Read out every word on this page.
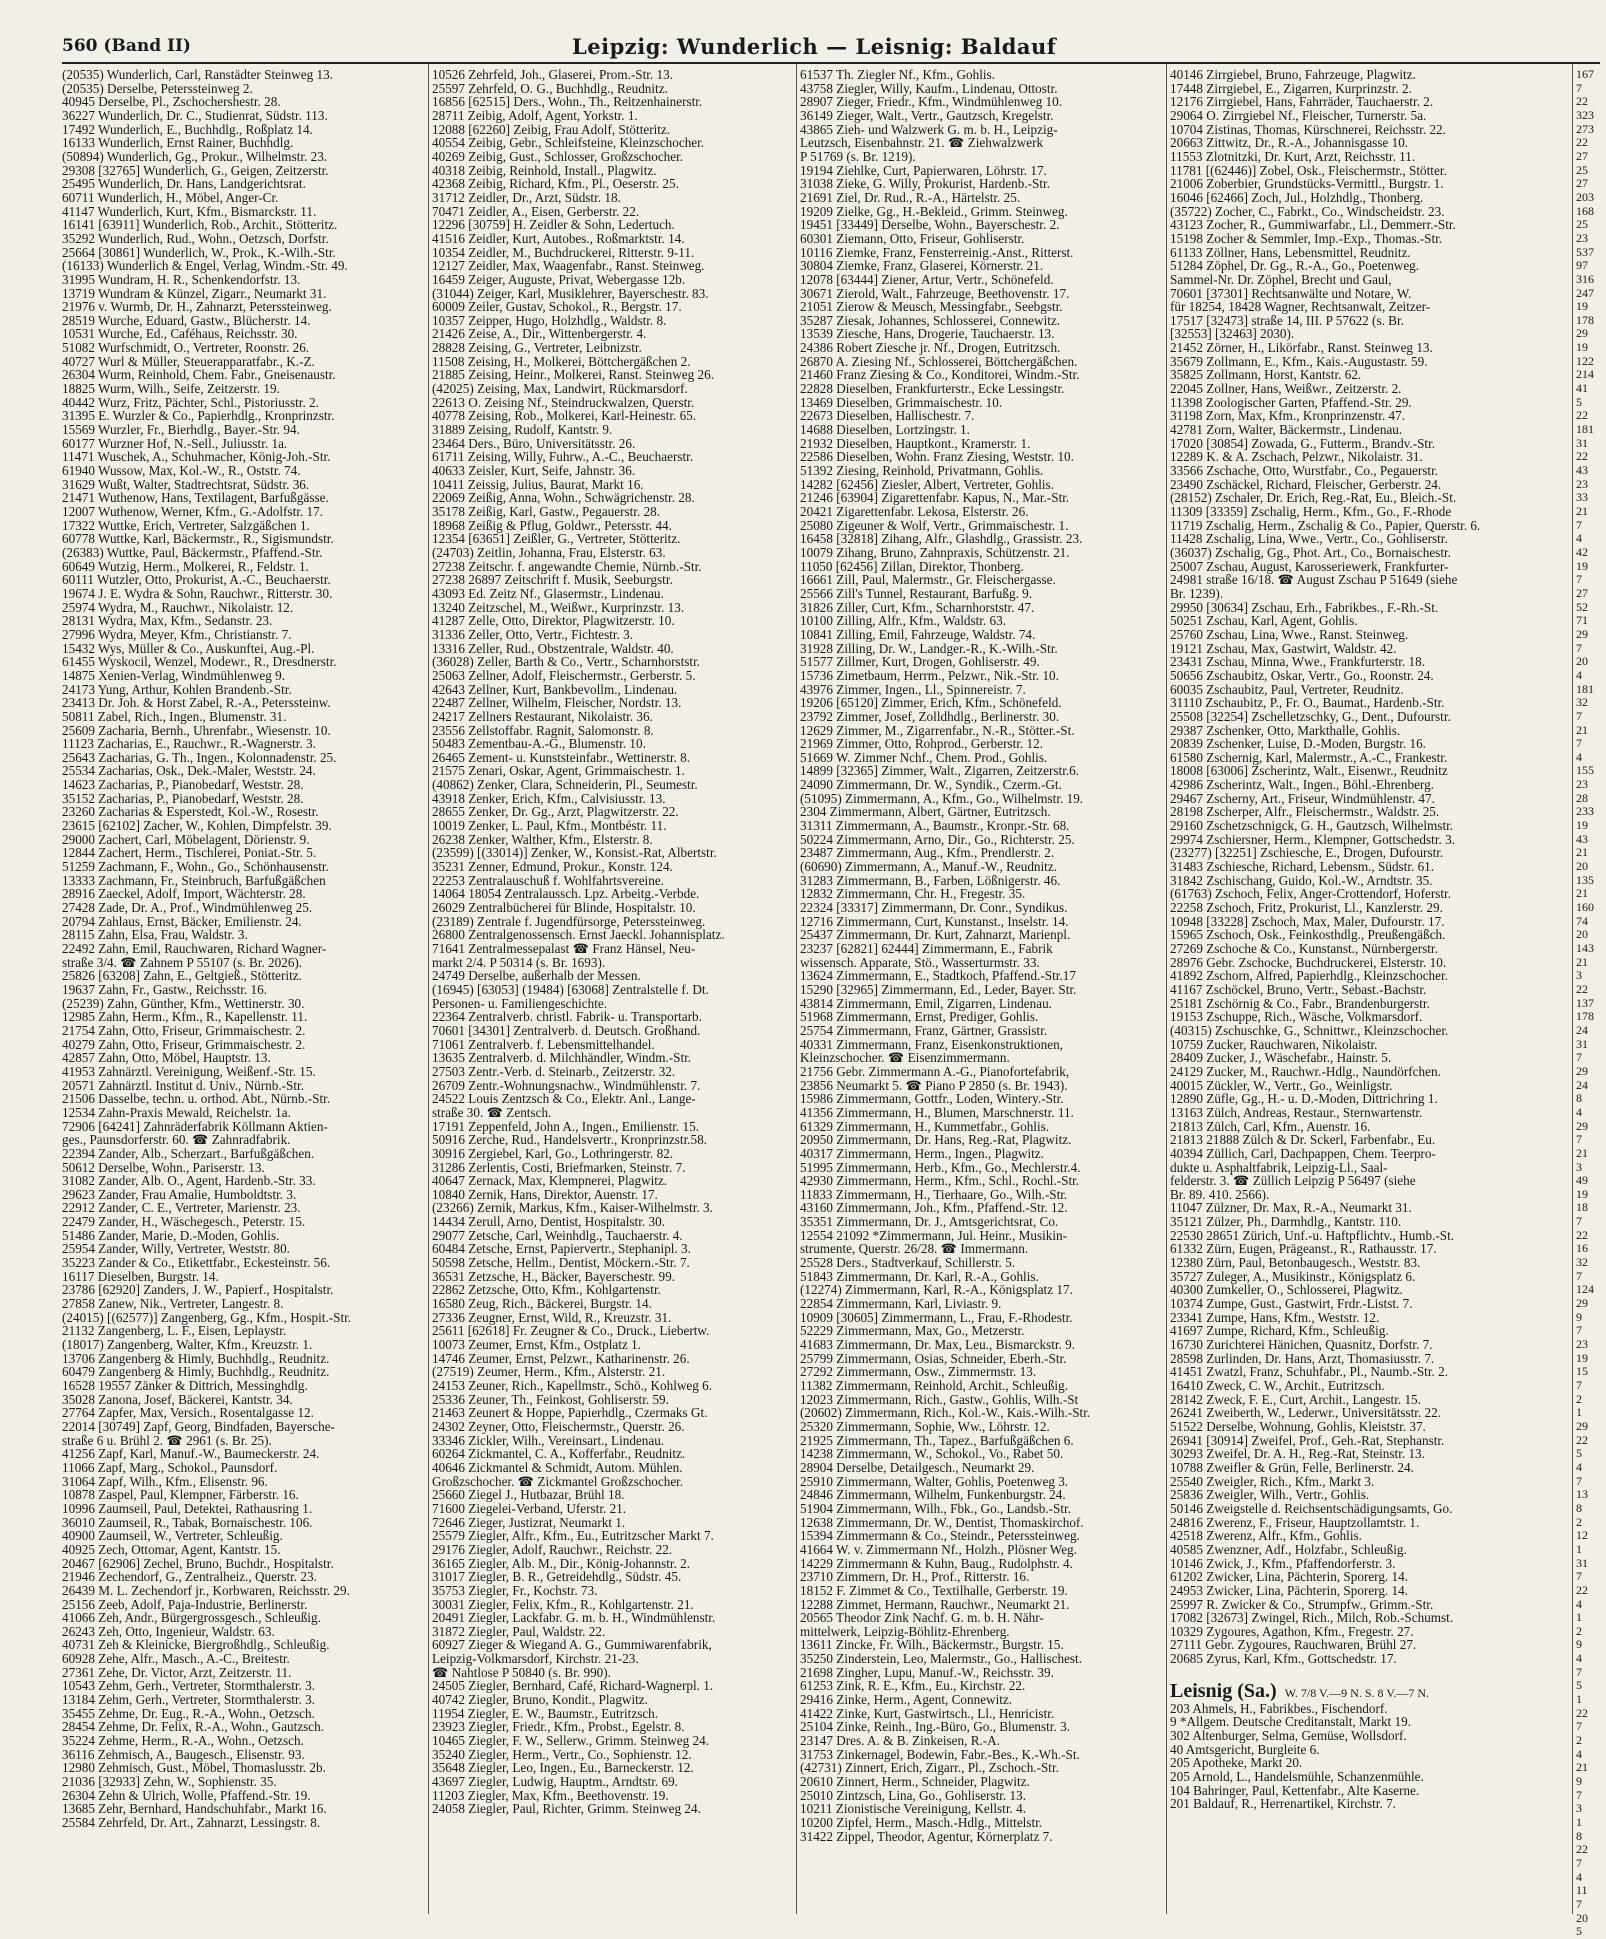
560 (Band II)	Leipzig: Wunderlich — Leisnig: Baldauf
(20535) Wunderlich, Carl, Ranstädter Steinweg 13.
(20535) Derselbe, Peterssteinweg 2.
40945 Derselbe, Pl., Zschochershestr. 28.
36227 Wunderlich, Dr. C., Studienrat, Südstr. 113.
17492 Wunderlich, E., Buchhdlg., Roßplatz 14.
16133 Wunderlich, Ernst Rainer, Buchhdlg.
(50894) Wunderlich, Gg., Prokur., Wilhelmstr. 23.
29308 [32765] Wunderlich, G., Geigen, Zeitzerstr.
25495 Wunderlich, Dr. Hans, Landgerichtsrat.
60711 Wunderlich, H., Möbel, Anger-Cr.
41147 Wunderlich, Kurt, Kfm., Bismarckstr. 11.
16141 [63911] Wunderlich, Rob., Archit., Stötteritz.
35292 Wunderlich, Rud., Wohn., Oetzsch, Dorfstr.
25664 [30861] Wunderlich, W., Prok., K.-Wilh.-Str.
(16133) Wunderlich & Engel, Verlag, Windm.-Str. 49.
31995 Wundram, H. R., Schenkendorfstr. 13.
13719 Wundram & Künzel, Zigarr., Neumarkt 31.
21976 v. Wurmb, Dr. H., Zahnarzt, Peterssteinweg.
28519 Wurche, Eduard, Gastw., Blücherstr. 14.
10531 Wurche, Ed., Caféhaus, Reichsstr. 30.
51082 Wurfschmidt, O., Vertreter, Roonstr. 26.
40727 Wurl & Müller, Steuerapparatfabr., K.-Z.
26304 Wurm, Reinhold, Chem. Fabr., Gneisenaustr.
18825 Wurm, Wilh., Seife, Zeitzerstr. 19.
40442 Wurz, Fritz, Pächter, Schl., Pistoriusstr. 2.
31395 E. Wurzler & Co., Papierhdlg., Kronprinzstr.
15569 Wurzler, Fr., Bierhdlg., Bayer.-Str. 94.
60177 Wurzner Hof, N.-Sell., Juliusstr. 1a.
11471 Wuschek, A., Schuhmacher, König-Joh.-Str.
61940 Wussow, Max, Kol.-W., R., Oststr. 74.
31629 Wußt, Walter, Stadtrechtsrat, Südstr. 36.
21471 Wuthenow, Hans, Textilagent, Barfußgässe.
12007 Wuthenow, Werner, Kfm., G.-Adolfstr. 17.
17322 Wuttke, Erich, Vertreter, Salzgäßchen 1.
60778 Wuttke, Karl, Bäckermstr., R., Sigismundstr.
(26383) Wuttke, Paul, Bäckermstr., Pfaffend.-Str.
60649 Wutzig, Herm., Molkerei, R., Feldstr. 1.
60111 Wutzler, Otto, Prokurist, A.-C., Beuchaerstr.
19674 J. E. Wydra & Sohn, Rauchwr., Ritterstr. 30.
25974 Wydra, M., Rauchwr., Nikolaistr. 12.
28131 Wydra, Max, Kfm., Sedanstr. 23.
27996 Wydra, Meyer, Kfm., Christianstr. 7.
15432 Wys, Müller & Co., Auskunftei, Aug.-Pl.
61455 Wyskocil, Wenzel, Modewr., R., Dresdnerstr.
14875 Xenien-Verlag, Windmühlenweg 9.
24173 Yung, Arthur, Kohlen Brandenb.-Str.
23413 Dr. Joh. & Horst Zabel, R.-A., Peterssteinw.
50811 Zabel, Rich., Ingen., Blumenstr. 31.
25609 Zacharia, Bernh., Uhrenfabr., Wiesenstr. 10.
11123 Zacharias, E., Rauchwr., R.-Wagnerstr. 3.
25643 Zacharias, G. Th., Ingen., Kolonnadenstr. 25.
25534 Zacharias, Osk., Dek.-Maler, Weststr. 24.
14623 Zacharias, P., Pianobedarf, Weststr. 28.
35152 Zacharias, P., Pianobedarf, Weststr. 28.
23260 Zacharias & Esperstedt, Kol.-W., Rosestr.
23615 [62102] Zacher, W., Kohlen, Dimpfelstr. 39.
29000 Zachert, Carl, Möbelagent, Dörienstr. 9.
12844 Zachert, Herm., Tischlerei, Poniat.-Str. 5.
51259 Zachmann, F., Wohn., Go., Schönhausenstr.
13333 Zachmann, Fr., Steinbruch, Barfußgäßchen
28916 Zaeckel, Adolf, Import, Wächterstr. 28.
27428 Zade, Dr. A., Prof., Windmühlenweg 25.
20794 Zahlaus, Ernst, Bäcker, Emilienstr. 24.
28115 Zahn, Elsa, Frau, Waldstr. 3.
22492 Zahn, Emil, Rauchwaren, Richard Wagner-
straße 3/4. ☎ Zahnem P 55107 (s. Br. 2026).
25826 [63208] Zahn, E., Geltgieß., Stötteritz.
19637 Zahn, Fr., Gastw., Reichsstr. 16.
(25239) Zahn, Günther, Kfm., Wettinerstr. 30.
12985 Zahn, Herm., Kfm., R., Kapellenstr. 11.
21754 Zahn, Otto, Friseur, Grimmaischestr. 2.
40279 Zahn, Otto, Friseur, Grimmaischestr. 2.
42857 Zahn, Otto, Möbel, Hauptstr. 13.
41953 Zahnärztl. Vereinigung, Weißenf.-Str. 15.
20571 Zahnärztl. Institut d. Univ., Nürnb.-Str.
21506 Dasselbe, techn. u. orthod. Abt., Nürnb.-Str.
12534 Zahn-Praxis Mewald, Reichelstr. 1a.
72906 [64241] Zahnräderfabrik Köllmann Aktien-
ges., Paunsdorferstr. 60. ☎ Zahnradfabrik.
22394 Zander, Alb., Scherzart., Barfußgäßchen.
50612 Derselbe, Wohn., Pariserstr. 13.
31082 Zander, Alb. O., Agent, Hardenb.-Str. 33.
29623 Zander, Frau Amalie, Humboldtstr. 3.
22912 Zander, C. E., Vertreter, Marienstr. 23.
22479 Zander, H., Wäschegesch., Peterstr. 15.
51486 Zander, Marie, D.-Moden, Gohlis.
25954 Zander, Willy, Vertreter, Weststr. 80.
35223 Zander & Co., Etikettfabr., Eckesteinstr. 56.
16117 Dieselben, Burgstr. 14.
23786 [62920] Zanders, J. W., Papierf., Hospitalstr.
27858 Zanew, Nik., Vertreter, Langestr. 8.
(24015) [(62577)] Zangenberg, Gg., Kfm., Hospit.-Str.
21132 Zangenberg, L. F., Eisen, Leplaystr.
(18017) Zangenberg, Walter, Kfm., Kreuzstr. 1.
13706 Zangenberg & Himly, Buchhdlg., Reudnitz.
60479 Zangenberg & Himly, Buchhdlg., Reudnitz.
16528 19557 Zänker & Dittrich, Messinghdlg.
35028 Zanona, Josef, Bäckerei, Kantstr. 34.
27764 Zapfer, Max, Versich., Rosentalgasse 12.
22014 [30749] Zapf, Georg, Bindfaden, Bayersche-
straße 6 u. Brühl 2. ☎ 2961 (s. Br. 25).
41256 Zapf, Karl, Manuf.-W., Baumeckerstr. 24.
11066 Zapf, Marg., Schokol., Paunsdorf.
31064 Zapf, Wilh., Kfm., Elisenstr. 96.
10878 Zaspel, Paul, Klempner, Färberstr. 16.
10996 Zaumseil, Paul, Detektei, Rathausring 1.
36010 Zaumseil, R., Tabak, Bornaischestr. 106.
40900 Zaumseil, W., Vertreter, Schleußig.
40925 Zech, Ottomar, Agent, Kantstr. 15.
20467 [62906] Zechel, Bruno, Buchdr., Hospitalstr.
21946 Zechendorf, G., Zentralheiz., Querstr. 23.
26439 M. L. Zechendorf jr., Korbwaren, Reichsstr. 29.
25156 Zeeb, Adolf, Paja-Industrie, Berlinerstr.
41066 Zeh, Andr., Bürgergrossgesch., Schleußig.
26243 Zeh, Otto, Ingenieur, Waldstr. 63.
40731 Zeh & Kleinicke, Biergroßhdlg., Schleußig.
60928 Zehe, Alfr., Masch., A.-C., Breitestr.
27361 Zehe, Dr. Victor, Arzt, Zeitzerstr. 11.
10543 Zehm, Gerh., Vertreter, Stormthalerstr. 3.
13184 Zehm, Gerh., Vertreter, Stormthalerstr. 3.
35455 Zehme, Dr. Eug., R.-A., Wohn., Oetzsch.
28454 Zehme, Dr. Felix, R.-A., Wohn., Gautzsch.
35224 Zehme, Herm., R.-A., Wohn., Oetzsch.
36116 Zehmisch, A., Baugesch., Elisenstr. 93.
12980 Zehmisch, Gust., Möbel, Thomaslusstr. 2b.
21036 [32933] Zehn, W., Sophienstr. 35.
26304 Zehn & Ulrich, Wolle, Pfaffend.-Str. 19.
13685 Zehr, Bernhard, Handschuhfabr., Markt 16.
25584 Zehrfeld, Dr. Art., Zahnarzt, Lessingstr. 8.
10526 Zehrfeld, Joh., Glaserei, Prom.-Str. 13.
25597 Zehrfeld, O. G., Buchhdlg., Reudnitz.
16856 [62515] Ders., Wohn., Th., Reitzenhainerstr.
28711 Zeibig, Adolf, Agent, Yorkstr. 1.
12088 [62260] Zeibig, Frau Adolf, Stötteritz.
40554 Zeibig, Gebr., Schleifsteine, Kleinzschocher.
40269 Zeibig, Gust., Schlosser, Großzschocher.
40318 Zeibig, Reinhold, Install., Plagwitz.
42368 Zeibig, Richard, Kfm., Pl., Oeserstr. 25.
31712 Zeidler, Dr., Arzt, Südstr. 18.
70471 Zeidler, A., Eisen, Gerberstr. 22.
12296 [30759] H. Zeidler & Sohn, Ledertuch.
41516 Zeidler, Kurt, Autobes., Roßmarktstr. 14.
10354 Zeidler, M., Buchdruckerei, Ritterstr. 9-11.
12127 Zeidler, Max, Waagenfabr., Ranst. Steinweg.
16459 Zeiger, Auguste, Privat, Webergasse 12b.
(31044) Zeiger, Karl, Musiklehrer, Bayerschestr. 83.
60009 Zeiler, Gustav, Schokol., R., Bergstr. 17.
10357 Zeipper, Hugo, Holzhdlg., Waldstr. 8.
21426 Zeise, A., Dir., Wittenbergerstr. 4.
28828 Zeising, G., Vertreter, Leibnizstr.
11508 Zeising, H., Molkerei, Böttchergäßchen 2.
21885 Zeising, Heinr., Molkerei, Ranst. Steinweg 26.
(42025) Zeising, Max, Landwirt, Rückmarsdorf.
22613 O. Zeising Nf., Steindruckwalzen, Querstr.
40778 Zeising, Rob., Molkerei, Karl-Heinestr. 65.
31889 Zeising, Rudolf, Kantstr. 9.
23464 Ders., Büro, Universitätsstr. 26.
61711 Zeising, Willy, Fuhrw., A.-C., Beuchaerstr.
40633 Zeisler, Kurt, Seife, Jahnstr. 36.
10411 Zeissig, Julius, Baurat, Markt 16.
22069 Zeißig, Anna, Wohn., Schwägrichenstr. 28.
35178 Zeißig, Karl, Gastw., Pegauerstr. 28.
18968 Zeißig & Pflug, Goldwr., Petersstr. 44.
12354 [63651] Zeißler, G., Vertreter, Stötteritz.
(24703) Zeitlin, Johanna, Frau, Elsterstr. 63.
27238 Zeitschr. f. angewandte Chemie, Nürnb.-Str.
27238 26897 Zeitschrift f. Musik, Seeburgstr.
43093 Ed. Zeitz Nf., Glasermstr., Lindenau.
13240 Zeitzschel, M., Weißwr., Kurprinzstr. 13.
41287 Zelle, Otto, Direktor, Plagwitzerstr. 10.
31336 Zeller, Otto, Vertr., Fichtestr. 3.
13316 Zeller, Rud., Obstzentrale, Waldstr. 40.
(36028) Zeller, Barth & Co., Vertr., Scharnhorststr.
25063 Zellner, Adolf, Fleischermstr., Gerberstr. 5.
42643 Zellner, Kurt, Bankbevollm., Lindenau.
22487 Zellner, Wilhelm, Fleischer, Nordstr. 13.
24217 Zellners Restaurant, Nikolaistr. 36.
23556 Zellstoffabr. Ragnit, Salomonstr. 8.
50483 Zementbau-A.-G., Blumenstr. 10.
26465 Zement- u. Kunststeinfabr., Wettinerstr. 8.
21575 Zenari, Oskar, Agent, Grimmaischestr. 1.
(40862) Zenker, Clara, Schneiderin, Pl., Seumestr.
43918 Zenker, Erich, Kfm., Calvisiusstr. 13.
28655 Zenker, Dr. Gg., Arzt, Plagwitzerstr. 22.
10019 Zenker, L. Paul, Kfm., Montbéstr. 11.
26238 Zenker, Walther, Kfm., Elsterstr. 8.
(23599) [(33014)] Zenker, W., Konsist.-Rat, Albertstr.
35231 Zenner, Edmund, Prokur., Konstr. 124.
22253 Zentralauschuß f. Wohlfahrtsvereine.
14064 18054 Zentralaussch. Lpz. Arbeitg.-Verbde.
26029 Zentralbücherei für Blinde, Hospitalstr. 10.
(23189) Zentrale f. Jugendfürsorge, Peterssteinweg.
26800 Zentralgenossensch. Ernst Jaeckl. Johannisplatz.
71641 Zentralmessepalast ☎ Franz Hänsel, Neu-
markt 2/4. P 50314 (s. Br. 1693).
24749 Derselbe, außerhalb der Messen.
(16945) [63053] (19484) [63068] Zentralstelle f. Dt.
Personen- u. Familiengeschichte.
22364 Zentralverb. christl. Fabrik- u. Transportarb.
70601 [34301] Zentralverb. d. Deutsch. Großhand.
71061 Zentralverb. f. Lebensmittelhandel.
13635 Zentralverb. d. Milchhändler, Windm.-Str.
27503 Zentr.-Verb. d. Steinarb., Zeitzerstr. 32.
26709 Zentr.-Wohnungsnachw., Windmühlenstr. 7.
24522 Louis Zentzsch & Co., Elektr. Anl., Lange-
straße 30. ☎ Zentsch.
17191 Zeppenfeld, John A., Ingen., Emilienstr. 15.
50916 Zerche, Rud., Handelsvertr., Kronprinzstr.58.
30916 Zergiebel, Karl, Go., Lothringerstr. 82.
31286 Zerlentis, Costi, Briefmarken, Steinstr. 7.
40647 Zernack, Max, Klempnerei, Plagwitz.
10840 Zernik, Hans, Direktor, Auenstr. 17.
(23266) Zernik, Markus, Kfm., Kaiser-Wilhelmstr. 3.
14434 Zerull, Arno, Dentist, Hospitalstr. 30.
29077 Zetsche, Carl, Weinhdlg., Tauchaerstr. 4.
60484 Zetsche, Ernst, Papiervertr., Stephanipl. 3.
50598 Zetsche, Hellm., Dentist, Möckern.-Str. 7.
36531 Zetzsche, H., Bäcker, Bayerschestr. 99.
22862 Zetzsche, Otto, Kfm., Kohlgartenstr.
16580 Zeug, Rich., Bäckerei, Burgstr. 14.
27336 Zeugner, Ernst, Wild, R., Kreuzstr. 31.
25611 [62618] Fr. Zeugner & Co., Druck., Liebertw.
10073 Zeumer, Ernst, Kfm., Ostplatz 1.
14746 Zeumer, Ernst, Pelzwr., Katharinenstr. 26.
(27519) Zeumer, Herm., Kfm., Alsterstr. 21.
24153 Zeuner, Rich., Kapellmstr., Schö., Kohlweg 6.
25336 Zeuner, Th., Feinkost, Gohliserstr. 59.
21463 Zeunert & Hoppe, Papierhdlg., Czermaks Gt.
24302 Zeyner, Otto, Fleischermstr., Querstr. 26.
33346 Zickler, Wilh., Vereinsart., Lindenau.
60264 Zickmantel, C. A., Kofferfabr., Reudnitz.
40646 Zickmantel & Schmidt, Autom. Mühlen.
Großzschocher. ☎ Zickmantel Großzschocher.
25660 Ziegel J., Hutbazar, Brühl 18.
71600 Ziegelei-Verband, Uferstr. 21.
72646 Zieger, Justizrat, Neumarkt 1.
25579 Ziegler, Alfr., Kfm., Eu., Eutritzscher Markt 7.
29176 Ziegler, Adolf, Rauchwr., Reichstr. 22.
36165 Ziegler, Alb. M., Dir., König-Johannstr. 2.
31017 Ziegler, B. R., Getreidehdlg., Südstr. 45.
35753 Ziegler, Fr., Kochstr. 73.
30031 Ziegler, Felix, Kfm., R., Kohlgartenstr. 21.
20491 Ziegler, Lackfabr. G. m. b. H., Windmühlenstr.
31872 Ziegler, Paul, Waldstr. 22.
60927 Zieger & Wiegand A. G., Gummiwarenfabrik,
Leipzig-Volkmarsdorf, Kirchstr. 21-23.
☎ Nahtlose P 50840 (s. Br. 990).
24505 Ziegler, Bernhard, Café, Richard-Wagnerpl. 1.
40742 Ziegler, Bruno, Kondit., Plagwitz.
11954 Ziegler, E. W., Baumstr., Eutritzsch.
23923 Ziegler, Friedr., Kfm., Probst., Egelstr. 8.
10465 Ziegler, F. W., Sellerw., Grimm. Steinweg 24.
35240 Ziegler, Herm., Vertr., Co., Sophienstr. 12.
35648 Ziegler, Leo, Ingen., Eu., Barneckerstr. 12.
43697 Ziegler, Ludwig, Hauptm., Arndtstr. 69.
11203 Ziegler, Max, Kfm., Beethovenstr. 19.
24058 Ziegler, Paul, Richter, Grimm. Steinweg 24.
61537 Th. Ziegler Nf., Kfm., Gohlis.
43758 Ziegler, Willy, Kaufm., Lindenau, Ottostr.
28907 Zieger, Friedr., Kfm., Windmühlenweg 10.
36149 Zieger, Walt., Vertr., Gautzsch, Kregelstr.
43865 Zieh- und Walzwerk G. m. b. H., Leipzig-
Leutzsch, Eisenbahnstr. 21. ☎ Ziehwalzwerk
P 51769 (s. Br. 1219).
19194 Ziehlke, Curt, Papierwaren, Löhrstr. 17.
31038 Zieke, G. Willy, Prokurist, Hardenb.-Str.
21691 Ziel, Dr. Rud., R.-A., Härtelstr. 25.
19209 Zielke, Gg., H.-Bekleid., Grimm. Steinweg.
19451 [33449] Derselbe, Wohn., Bayerschestr. 2.
60301 Ziemann, Otto, Friseur, Gohliserstr.
10116 Ziemke, Franz, Fensterreinig.-Anst., Ritterst.
30804 Ziemke, Franz, Glaserei, Körnerstr. 21.
12078 [63444] Ziener, Artur, Vertr., Schönefeld.
30671 Zierold, Walt., Fahrzeuge, Beethovenstr. 17.
21051 Zierow & Meusch, Messingfabr., Seebgstr.
35287 Ziesak, Johannes, Schlosserei, Connewitz.
13539 Ziesche, Hans, Drogerie, Tauchaerstr. 13.
24386 Robert Ziesche jr. Nf., Drogen, Eutritzsch.
26870 A. Ziesing Nf., Schlosserei, Böttchergäßchen.
21460 Franz Ziesing & Co., Konditorei, Windm.-Str.
22828 Dieselben, Frankfurterstr., Ecke Lessingstr.
13469 Dieselben, Grimmaischestr. 10.
22673 Dieselben, Hallischestr. 7.
14688 Dieselben, Lortzingstr. 1.
21932 Dieselben, Hauptkont., Kramerstr. 1.
22586 Dieselben, Wohn. Franz Ziesing, Weststr. 10.
51392 Ziesing, Reinhold, Privatmann, Gohlis.
14282 [62456] Ziesler, Albert, Vertreter, Gohlis.
21246 [63904] Zigarettenfabr. Kapus, N., Mar.-Str.
20421 Zigarettenfabr. Lekosa, Elsterstr. 26.
25080 Zigeuner & Wolf, Vertr., Grimmaischestr. 1.
16458 [32818] Zihang, Alfr., Glashdlg., Grassistr. 23.
10079 Zihang, Bruno, Zahnpraxis, Schützenstr. 21.
11050 [62456] Zillan, Direktor, Thonberg.
16661 Zill, Paul, Malermstr., Gr. Fleischergasse.
25566 Zill's Tunnel, Restaurant, Barfußg. 9.
31826 Ziller, Curt, Kfm., Scharnhorststr. 47.
10100 Zilling, Alfr., Kfm., Waldstr. 63.
10841 Zilling, Emil, Fahrzeuge, Waldstr. 74.
31928 Zilling, Dr. W., Landger.-R., K.-Wilh.-Str.
51577 Zillmer, Kurt, Drogen, Gohliserstr. 49.
15736 Zimetbaum, Herrm., Pelzwr., Nik.-Str. 10.
43976 Zimmer, Ingen., Ll., Spinnereistr. 7.
19206 [65120] Zimmer, Erich, Kfm., Schönefeld.
23792 Zimmer, Josef, Zolldhdlg., Berlinerstr. 30.
12629 Zimmer, M., Zigarrenfabr., N.-R., Stötter.-St.
21969 Zimmer, Otto, Rohprod., Gerberstr. 12.
51669 W. Zimmer Nchf., Chem. Prod., Gohlis.
14899 [32365] Zimmer, Walt., Zigarren, Zeitzerstr.6.
24090 Zimmermann, Dr. W., Syndik., Czerm.-Gt.
(51095) Zimmermann, A., Kfm., Go., Wilhelmstr. 19.
2304 Zimmermann, Albert, Gärtner, Eutritzsch.
31311 Zimmermann, A., Baumstr., Kronpr.-Str. 68.
50224 Zimmermann, Arno, Dir., Go., Richterstr. 25.
23487 Zimmermann, Aug., Kfm., Prendlerstr. 2.
(60690) Zimmermann, A., Manuf.-W., Reudnitz.
31283 Zimmermann, B., Farben, Lößnigerstr. 46.
12832 Zimmermann, Chr. H., Fregestr. 35.
22324 [33317] Zimmermann, Dr. Conr., Syndikus.
12716 Zimmermann, Curt, Kunstanst., Inselstr. 14.
25437 Zimmermann, Dr. Kurt, Zahnarzt, Marienpl.
23237 [62821] 62444] Zimmermann, E., Fabrik
wissensch. Apparate, Stö., Wasserturmstr. 33.
13624 Zimmermann, E., Stadtkoch, Pfaffend.-Str.17
15290 [32965] Zimmermann, Ed., Leder, Bayer. Str.
43814 Zimmermann, Emil, Zigarren, Lindenau.
51968 Zimmermann, Ernst, Prediger, Gohlis.
25754 Zimmermann, Franz, Gärtner, Grassistr.
40331 Zimmermann, Franz, Eisenkonstruktionen,
Kleinzschocher. ☎ Eisenzimmermann.
21756 Gebr. Zimmermann A.-G., Pianofortefabrik,
23856 Neumarkt 5. ☎ Piano P 2850 (s. Br. 1943).
15986 Zimmermann, Gottfr., Loden, Wintery.-Str.
41356 Zimmermann, H., Blumen, Marschnerstr. 11.
61329 Zimmermann, H., Kummetfabr., Gohlis.
20950 Zimmermann, Dr. Hans, Reg.-Rat, Plagwitz.
40317 Zimmermann, Herm., Ingen., Plagwitz.
51995 Zimmermann, Herb., Kfm., Go., Mechlerstr.4.
42930 Zimmermann, Herm., Kfm., Schl., Rochl.-Str.
11833 Zimmermann, H., Tierhaare, Go., Wilh.-Str.
43160 Zimmermann, Joh., Kfm., Pfaffend.-Str. 12.
35351 Zimmermann, Dr. J., Amtsgerichtsrat, Co.
12554 21092 *Zimmermann, Jul. Heinr., Musikin-
strumente, Querstr. 26/28. ☎ Immermann.
25528 Ders., Stadtverkauf, Schillerstr. 5.
51843 Zimmermann, Dr. Karl, R.-A., Gohlis.
(12274) Zimmermann, Karl, R.-A., Königsplatz 17.
22854 Zimmermann, Karl, Liviastr. 9.
10909 [30605] Zimmermann, L., Frau, F.-Rhodestr.
52229 Zimmermann, Max, Go., Metzerstr.
41683 Zimmermann, Dr. Max, Leu., Bismarckstr. 9.
25799 Zimmermann, Osias, Schneider, Eberh.-Str.
27292 Zimmermann, Osw., Zimmermstr. 13.
11382 Zimmermann, Reinhold, Archit., Schleußig.
12023 Zimmermann, Rich., Gastw., Gohlis, Wilh.-St
(20602) Zimmermann, Rich., Kol.-W., Kais.-Wilh.-Str.
25320 Zimmermann, Sophie, Ww., Löhrstr. 12.
21925 Zimmermann, Th., Tapez., Barfußgäßchen 6.
14238 Zimmermann, W., Schokol., Vo., Rabet 50.
28904 Derselbe, Detailgesch., Neumarkt 29.
25910 Zimmermann, Walter, Gohlis, Poetenweg 3.
24846 Zimmermann, Wilhelm, Funkenburgstr. 24.
51904 Zimmermann, Wilh., Fbk., Go., Landsb.-Str.
12638 Zimmermann, Dr. W., Dentist, Thomaskirchof.
15394 Zimmermann & Co., Steindr., Peterssteinweg.
41664 W. v. Zimmermann Nf., Holzh., Plösner Weg.
14229 Zimmermann & Kuhn, Baug., Rudolphstr. 4.
23710 Zimmern, Dr. H., Prof., Ritterstr. 16.
18152 F. Zimmet & Co., Textilhalle, Gerberstr. 19.
12288 Zimmet, Hermann, Rauchwr., Neumarkt 21.
20565 Theodor Zink Nachf. G. m. b. H. Nähr-
mittelwerk, Leipzig-Böhlitz-Ehrenberg.
13611 Zincke, Fr. Wilh., Bäckermstr., Burgstr. 15.
35250 Zinderstein, Leo, Malermstr., Go., Hallischest.
21698 Zingher, Lupu, Manuf.-W., Reichsstr. 39.
61253 Zink, R. E., Kfm., Eu., Kirchstr. 22.
29416 Zinke, Herm., Agent, Connewitz.
41422 Zinke, Kurt, Gastwirtsch., Ll., Henricistr.
25104 Zinke, Reinh., Ing.-Büro, Go., Blumenstr. 3.
23147 Dres. A. & B. Zinkeisen, R.-A.
31753 Zinkernagel, Bodewin, Fabr.-Bes., K.-Wh.-St.
(42731) Zinnert, Erich, Zigarr., Pl., Zschoch.-Str.
20610 Zinnert, Herm., Schneider, Plagwitz.
25010 Zintzsch, Lina, Go., Gohliserstr. 13.
10211 Zionistische Vereinigung, Kellstr. 4.
10200 Zipfel, Herm., Masch.-Hdlg., Mittelstr.
31422 Zippel, Theodor, Agentur, Körnerplatz 7.
40146 Zirrgiebel, Bruno, Fahrzeuge, Plagwitz.
17448 Zirrgiebel, E., Zigarren, Kurprinzstr. 2.
12176 Zirrgiebel, Hans, Fahrräder, Tauchaerstr. 2.
29064 O. Zirrgiebel Nf., Fleischer, Turnerstr. 5a.
10704 Zistinas, Thomas, Kürschnerei, Reichsstr. 22.
20663 Zittwitz, Dr., R.-A., Johannisgasse 10.
11553 Zlotnitzki, Dr. Kurt, Arzt, Reichsstr. 11.
11781 [(62446)] Zobel, Osk., Fleischermstr., Stötter.
21006 Zoberbier, Grundstücks-Vermittl., Burgstr. 1.
16046 [62466] Zoch, Jul., Holzhdlg., Thonberg.
(35722) Zocher, C., Fabrkt., Co., Windscheidstr. 23.
43123 Zocher, R., Gummiwarfabr., Ll., Demmerr.-Str.
15198 Zocher & Semmler, Imp.-Exp., Thomas.-Str.
61133 Zöllner, Hans, Lebensmittel, Reudnitz.
51284 Zöphel, Dr. Gg., R.-A., Go., Poetenweg.
Sammel-Nr. Dr. Zöphel, Brecht und Gaul,
70601 [37301] Rechtsanwälte und Notare, W.
für 18254, 18428 Wagner, Rechtsanwalt, Zeitzer-
17517 [32473] straße 14, III. P 57622 (s. Br.
[32553] [32463] 2030).
21452 Zörner, H., Likörfabr., Ranst. Steinweg 13.
35679 Zollmann, E., Kfm., Kais.-Augustastr. 59.
35825 Zollmann, Horst, Kantstr. 62.
22045 Zollner, Hans, Weißwr., Zeitzerstr. 2.
11398 Zoologischer Garten, Pfaffend.-Str. 29.
31198 Zorn, Max, Kfm., Kronprinzenstr. 47.
42781 Zorn, Walter, Bäckermstr., Lindenau.
17020 [30854] Zowada, G., Futterm., Brandv.-Str.
12289 K. & A. Zschach, Pelzwr., Nikolaistr. 31.
33566 Zschache, Otto, Wurstfabr., Co., Pegauerstr.
23490 Zschäckel, Richard, Fleischer, Gerberstr. 24.
(28152) Zschaler, Dr. Erich, Reg.-Rat, Eu., Bleich.-St.
11309 [33359] Zschalig, Herm., Kfm., Go., F.-Rhode
11719 Zschalig, Herm., Zschalig & Co., Papier, Querstr. 6.
11428 Zschalig, Lina, Wwe., Vertr., Co., Gohliserstr.
(36037) Zschalig, Gg., Phot. Art., Co., Bornaischestr.
25007 Zschau, August, Karosseriewerk, Frankfurter-
24981 straße 16/18. ☎ August Zschau P 51649 (siehe
Br. 1239).
29950 [30634] Zschau, Erh., Fabrikbes., F.-Rh.-St.
50251 Zschau, Karl, Agent, Gohlis.
25760 Zschau, Lina, Wwe., Ranst. Steinweg.
19121 Zschau, Max, Gastwirt, Waldstr. 42.
23431 Zschau, Minna, Wwe., Frankfurterstr. 18.
50656 Zschaubitz, Oskar, Vertr., Go., Roonstr. 24.
60035 Zschaubitz, Paul, Vertreter, Reudnitz.
31110 Zschaubitz, P., Fr. O., Baumat., Hardenb.-Str.
25508 [32254] Zschelletzschky, G., Dent., Dufourstr.
29387 Zschenker, Otto, Markthalle, Gohlis.
20839 Zschenker, Luise, D.-Moden, Burgstr. 16.
61580 Zschernig, Karl, Malermstr., A.-C., Frankestr.
18008 [63006] Zscherintz, Walt., Eisenwr., Reudnitz
42986 Zscherintz, Walt., Ingen., Böhl.-Ehrenberg.
29467 Zscherny, Art., Friseur, Windmühlenstr. 47.
28198 Zscherper, Alfr., Fleischermstr., Waldstr. 25.
29160 Zschetzschnigck, G. H., Gautzsch, Wilhelmstr.
29974 Zschiersner, Herm., Klempner, Gottschedstr. 3.
(23277) [32251] Zschiesche, E., Drogen, Dufourstr.
31483 Zschiesche, Richard, Lebensm., Südstr. 61.
31842 Zschischang, Guido, Kol.-W., Arndtstr. 35.
(61763) Zschoch, Felix, Anger-Crottendorf, Hoferstr.
22258 Zschoch, Fritz, Prokurist, Ll., Kanzlerstr. 29.
10948 [33228] Zschoch, Max, Maler, Dufourstr. 17.
15965 Zschoch, Osk., Feinkosthdlg., Preußengäßch.
27269 Zschoche & Co., Kunstanst., Nürnbergerstr.
28976 Gebr. Zschocke, Buchdruckerei, Elsterstr. 10.
41892 Zschorn, Alfred, Papierhdlg., Kleinzschocher.
41167 Zschöckel, Bruno, Vertr., Sebast.-Bachstr.
25181 Zschörnig & Co., Fabr., Brandenburgerstr.
19153 Zschuppe, Rich., Wäsche, Volkmarsdorf.
(40315) Zschuschke, G., Schnittwr., Kleinzschocher.
10759 Zucker, Rauchwaren, Nikolaistr.
28409 Zucker, J., Wäschefabr., Hainstr. 5.
24129 Zucker, M., Rauchwr.-Hdlg., Naundörfchen.
40015 Zückler, W., Vertr., Go., Weinligstr.
12890 Züfle, Gg., H.- u. D.-Moden, Dittrichring 1.
13163 Zülch, Andreas, Restaur., Sternwartenstr.
21813 Zülch, Carl, Kfm., Auenstr. 16.
21813 21888 Zülch & Dr. Sckerl, Farbenfabr., Eu.
40394 Züllich, Carl, Dachpappen, Chem. Teerpro-
dukte u. Asphaltfabrik, Leipzig-Ll., Saal-
felderstr. 3. ☎ Züllich Leipzig P 56497 (siehe
Br. 89. 410. 2566).
11047 Zülzner, Dr. Max, R.-A., Neumarkt 31.
35121 Zülzer, Ph., Darmhdlg., Kantstr. 110.
22530 28651 Zürich, Unf.-u. Haftpflichtv., Humb.-St.
61332 Zürn, Eugen, Prägeanst., R., Rathausstr. 17.
12380 Zürn, Paul, Betonbaugesch., Weststr. 83.
35727 Zuleger, A., Musikinstr., Königsplatz 6.
40300 Zumkeller, O., Schlosserei, Plagwitz.
10374 Zumpe, Gust., Gastwirt, Frdr.-Listst. 7.
23341 Zumpe, Hans, Kfm., Weststr. 12.
41697 Zumpe, Richard, Kfm., Schleußig.
16730 Zurichterei Hänichen, Quasnitz, Dorfstr. 7.
28598 Zurlinden, Dr. Hans, Arzt, Thomasiusstr. 7.
41451 Zwatzl, Franz, Schuhfabr., Pl., Naumb.-Str. 2.
16410 Zweck, C. W., Archit., Eutritzsch.
28142 Zweck, F. E., Curt, Archit., Langestr. 15.
26241 Zweiberth, W., Lederwr., Universitätsstr. 22.
51522 Derselbe, Wohnung, Gohlis, Kleiststr. 37.
26941 [30914] Zweifel, Prof., Geh.-Rat, Stephanstr.
30293 Zweifel, Dr. A. H., Reg.-Rat, Steinstr. 13.
10788 Zweifler & Grün, Felle, Berlinerstr. 24.
25540 Zweigler, Rich., Kfm., Markt 3.
25836 Zweigler, Wilh., Vertr., Gohlis.
50146 Zweigstelle d. Reichsentschädigungsamts, Go.
24816 Zwerenz, F., Friseur, Hauptzollamtstr. 1.
42518 Zwerenz, Alfr., Kfm., Gohlis.
40585 Zwenzner, Adf., Holzfabr., Schleußig.
10146 Zwick, J., Kfm., Pfaffendorferstr. 3.
61202 Zwicker, Lina, Pächterin, Sporerg. 14.
24953 Zwicker, Lina, Pächterin, Sporerg. 14.
25997 R. Zwicker & Co., Strumpfw., Grimm.-Str.
17082 [32673] Zwingel, Rich., Milch, Rob.-Schumst.
10329 Zygoures, Agathon, Kfm., Fregestr. 27.
27111 Gebr. Zygoures, Rauchwaren, Brühl 27.
20685 Zyrus, Karl, Kfm., Gottschedstr. 17.
Leisnig (Sa.) W. 7/8 V.—9 N. S. 8 V.—7 N.
203 Ahmels, H., Fabrikbes., Fischendorf.
9 *Allgem. Deutsche Creditanstalt, Markt 19.
302 Altenburger, Selma, Gemüse, Wollsdorf.
40 Amtsgericht, Burgleite 6.
205 Apotheke, Markt 20.
205 Arnold, L., Handelsmühle, Schanzenmühle.
104 Bahringer, Paul, Kettenfabr., Alte Kaserne.
201 Baldauf, R., Herrenartikel, Kirchstr. 7.
167
7
22
323
273
22
27
25
27
203
168
25
23
537
97
316
247
19
178
29
19
122
214
41
5
22
181
31
22
43
23
33
21
7
4
42
19
7
27
52
71
29
7
20
4
181
32
7
21
7
4
155
23
28
233
19
43
21
20
135
21
160
74
20
143
21
3
22
137
178
24
31
7
29
24
8
4
29
7
21
3
49
19
18
7
22
16
32
7
124
29
9
7
23
19
15
7
2
1
29
22
5
4
7
13
8
2
12
1
31
7
22
4
1
2
9
4
7
5
1
22
7
2
4
21
9
7
3
1
8
22
7
4
11
7
20
5
